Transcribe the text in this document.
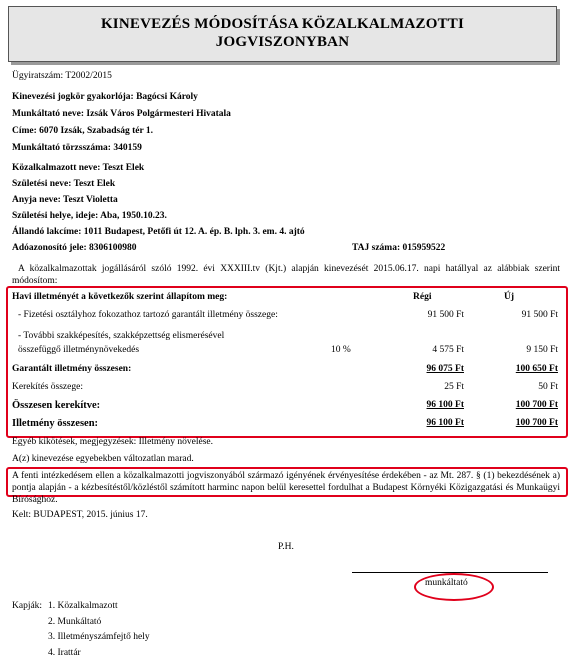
KINEVEZÉS MÓDOSÍTÁSA KÖZALKALMAZOTTI
JOGVISZONYBAN
Ügyiratszám: T2002/2015
Kinevezési jogkör gyakorlója: Bagócsi Károly
Munkáltató neve: Izsák Város Polgármesteri Hivatala
Címe: 6070 Izsák, Szabadság tér 1.
Munkáltató törzsszáma: 340159
Közalkalmazott neve: Teszt Elek
Születési neve: Teszt Elek
Anyja neve: Teszt Violetta
Születési helye, ideje: Aba, 1950.10.23.
Állandó lakcíme: 1011 Budapest, Petőfi út 12. A. ép. B. lph. 3. em. 4. ajtó
Adóazonosító jele: 8306100980	TAJ száma: 015959522
A közalkalmazottak jogállásáról szóló 1992. évi XXXIII.tv (Kjt.) alapján kinevezését 2015.06.17. napi hatállyal az alábbiak szerint módosítom:
Havi illetményét a következők szerint állapítom meg:	Régi	Új
- Fizetési osztályhoz fokozathoz tartozó garantált illetmény összege:	91 500 Ft	91 500 Ft
- További szakképesítés, szakképzettség elismerésével
összefüggő illetménynövekedés	10 %	4 575 Ft	9 150 Ft
Garantált illetmény összesen:	96 075 Ft	100 650 Ft
Kerekítés összege:	25 Ft	50 Ft
Összesen kerekítve:	96 100 Ft	100 700 Ft
Illetmény összesen:	96 100 Ft	100 700 Ft
Egyéb kikötések, megjegyzések: Illetmény növelése.
A(z) kinevezése egyebekben változatlan marad.
A fenti intézkedésem ellen a közalkalmazotti jogviszonyából származó igényének érvényesítése érdekében - az Mt. 287. § (1) bekezdésének a) pontja alapján - a kézbesítéstől/közléstől számított harminc napon belül keresettel fordulhat a Budapest Környéki Közigazgatási és Munkaügyi Bírósághoz.
Kelt: BUDAPEST, 2015. június 17.
P.H.
munkáltató
Kapják: 1. Közalkalmazott
2. Munkáltató
3. Illetményszámfejtő hely
4. Irattár
